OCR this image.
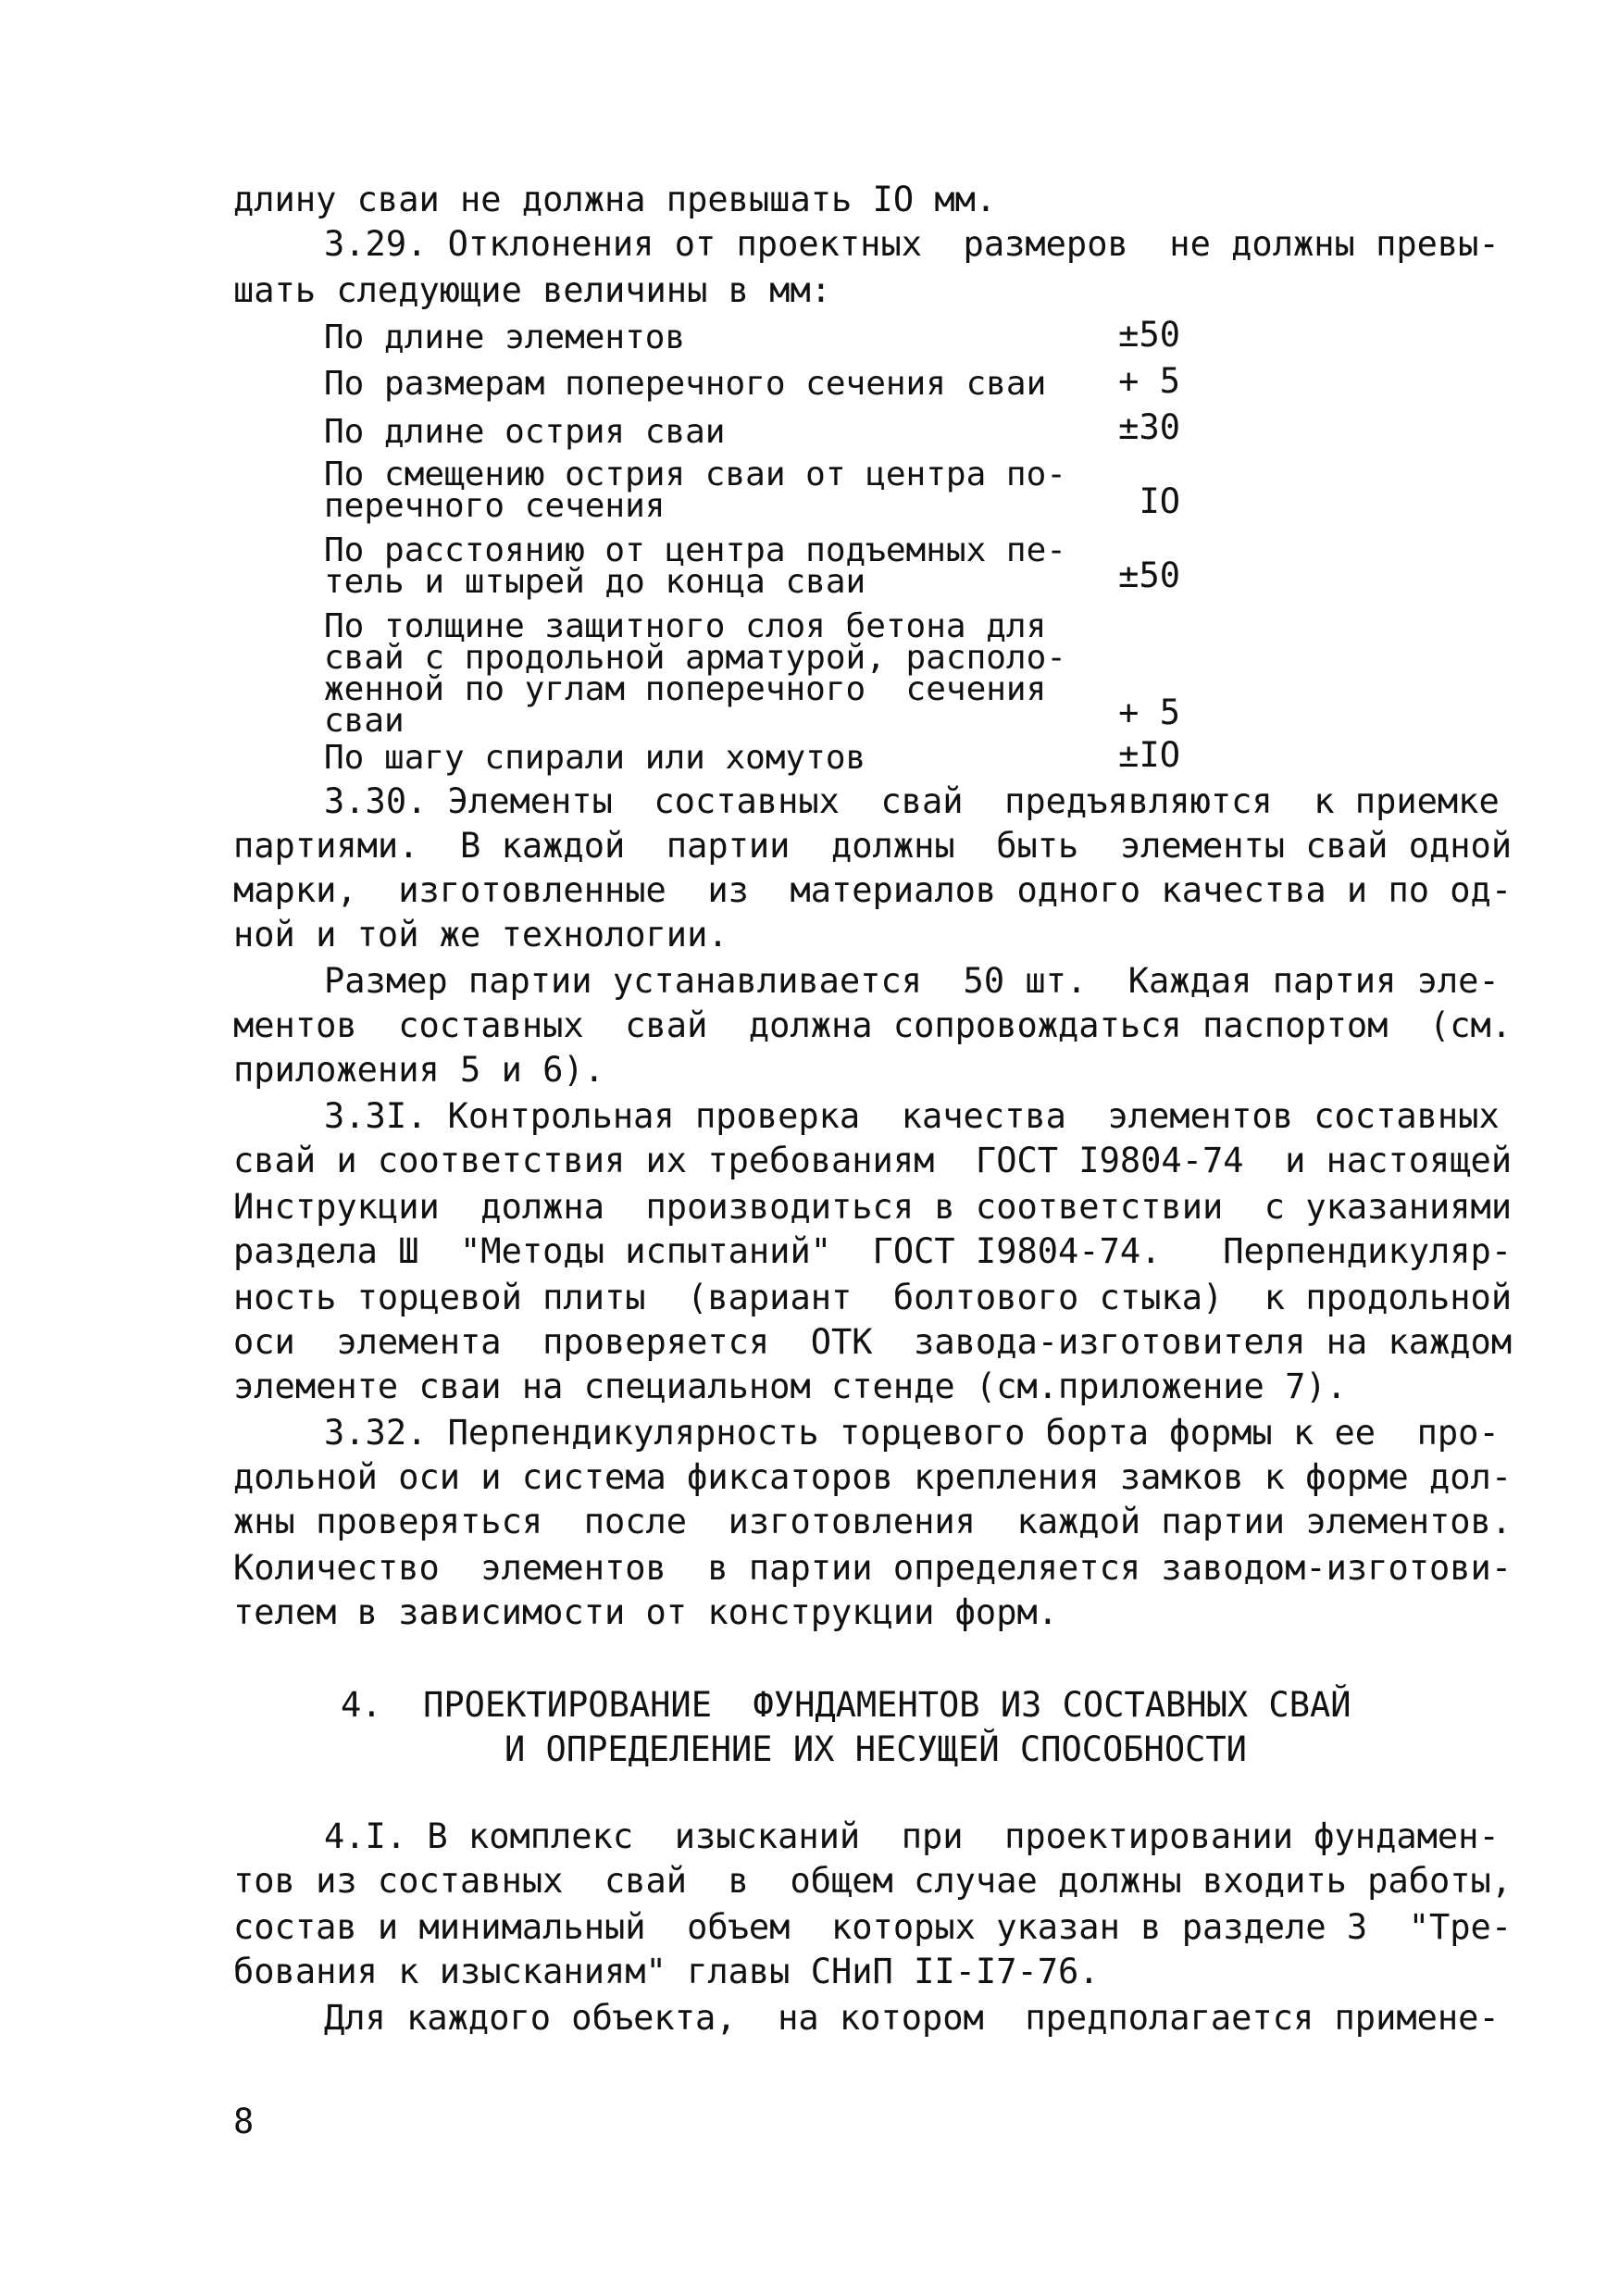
длину сваи не должна превышать IO мм.
3.29. Отклонения от проектных  размеров  не должны превы-
шать следующие величины в мм:
По длине элементов	±50
По размерам поперечного сечения сваи	+ 5
По длине острия сваи	±30
По смещению острия сваи от центра по-
перечного сечения	IO
По расстоянию от центра подъемных пе-
тель и штырей до конца сваи	±50
По толщине защитного слоя бетона для
свай с продольной арматурой, располо-
женной по углам поперечного  сечения
сваи	+ 5
По шагу спирали или хомутов	±IO
3.30. Элементы  составных  свай  предъявляются  к приемке
партиями.  В каждой  партии  должны  быть  элементы свай одной
марки,  изготовленные  из  материалов одного качества и по од-
ной и той же технологии.
Размер партии устанавливается  50 шт.  Каждая партия эле-
ментов  составных  свай  должна сопровождаться паспортом  (см.
приложения 5 и 6).
3.3I. Контрольная проверка  качества  элементов составных
свай и соответствия их требованиям  ГОСТ I9804-74  и настоящей
Инструкции  должна  производиться в соответствии  с указаниями
раздела Ш  "Методы испытаний"  ГОСТ I9804-74.   Перпендикуляр-
ность торцевой плиты  (вариант  болтового стыка)  к продольной
оси  элемента  проверяется  ОТК  завода-изготовителя на каждом
элементе сваи на специальном стенде (см.приложение 7).
3.32. Перпендикулярность торцевого борта формы к ее  про-
дольной оси и система фиксаторов крепления замков к форме дол-
жны проверяться  после  изготовления  каждой партии элементов.
Количество  элементов  в партии определяется заводом-изготови-
телем в зависимости от конструкции форм.
4.  ПРОЕКТИРОВАНИЕ  ФУНДАМЕНТОВ ИЗ СОСТАВНЫХ СВАЙ
И ОПРЕДЕЛЕНИЕ ИХ НЕСУЩЕЙ СПОСОБНОСТИ
4.I. В комплекс  изысканий  при  проектировании фундамен-
тов из составных  свай  в  общем случае должны входить работы,
состав и минимальный  объем  которых указан в разделе 3  "Тре-
бования к изысканиям" главы СНиП II-I7-76.
Для каждого объекта,  на котором  предполагается примене-
8
